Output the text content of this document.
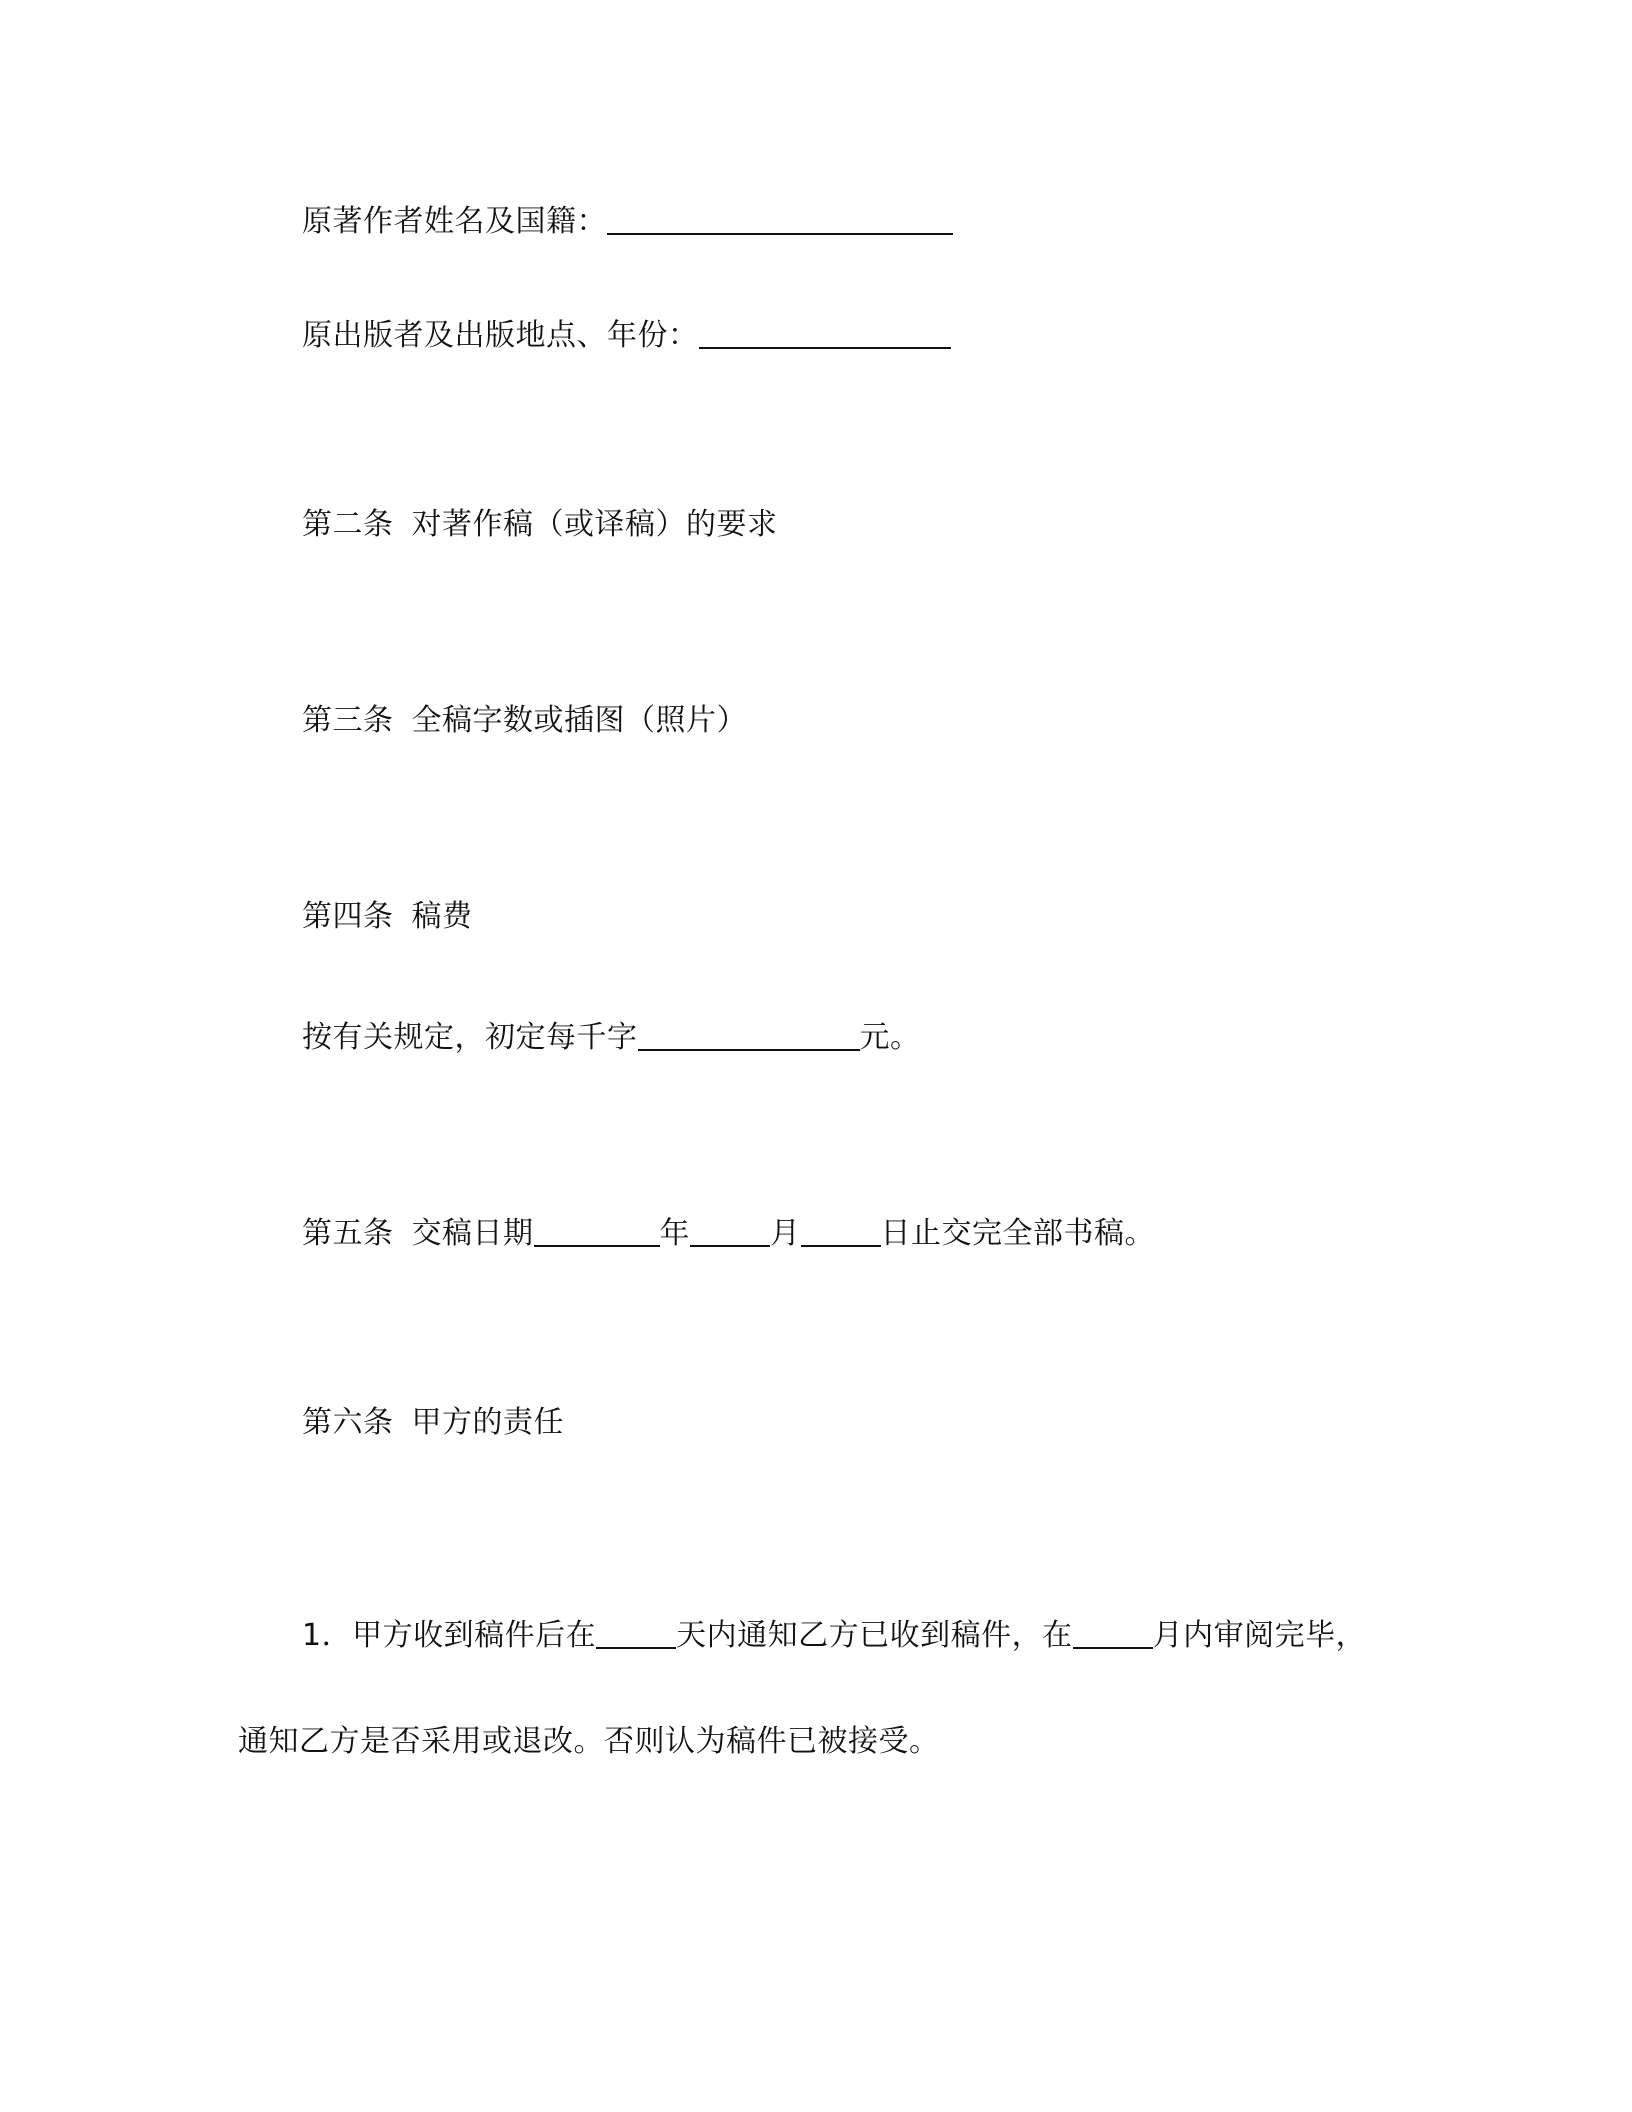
原著作者姓名及国籍：
原出版者及出版地点、年份：
第二条 对著作稿（或译稿）的要求
第三条 全稿字数或插图（照片）
第四条 稿费
按有关规定，初定每千字	元。
第五条 交稿日期	年	月	日止交完全部书稿。
第六条 甲方的责任
1．甲方收到稿件后在	天内通知乙方已收到稿件，在	月内审阅完毕，
通知乙方是否采用或退改。否则认为稿件已被接受。
